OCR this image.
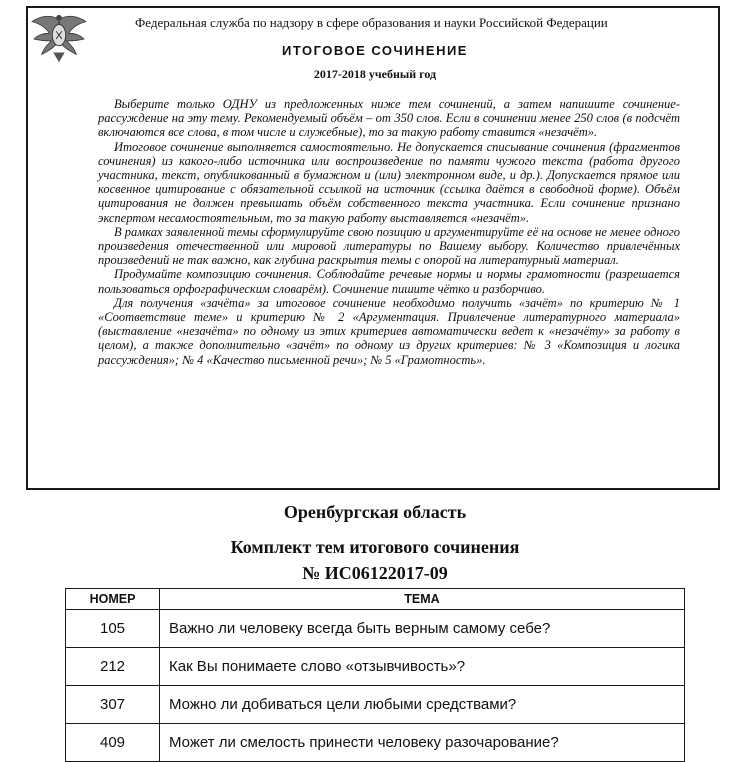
Федеральная служба по надзору в сфере образования и науки Российской Федерации
ИТОГОВОЕ СОЧИНЕНИЕ
2017-2018 учебный год

Выберите только ОДНУ из предложенных ниже тем сочинений, а затем напишите сочинение-рассуждение на эту тему. Рекомендуемый объём – от 350 слов. Если в сочинении менее 250 слов (в подсчёт включаются все слова, в том числе и служебные), то за такую работу ставится «незачёт».

Итоговое сочинение выполняется самостоятельно. Не допускается списывание сочинения (фрагментов сочинения) из какого-либо источника или воспроизведение по памяти чужого текста (работа другого участника, текст, опубликованный в бумажном и (или) электронном виде, и др.). Допускается прямое или косвенное цитирование с обязательной ссылкой на источник (ссылка даётся в свободной форме). Объём цитирования не должен превышать объём собственного текста участника. Если сочинение признано экспертом несамостоятельным, то за такую работу выставляется «незачёт».

В рамках заявленной темы сформулируйте свою позицию и аргументируйте её на основе не менее одного произведения отечественной или мировой литературы по Вашему выбору. Количество привлечённых произведений не так важно, как глубина раскрытия темы с опорой на литературный материал.

Продумайте композицию сочинения. Соблюдайте речевые нормы и нормы грамотности (разрешается пользоваться орфографическим словарём). Сочинение пишите чётко и разборчиво.

Для получения «зачёта» за итоговое сочинение необходимо получить «зачёт» по критерию № 1 «Соответствие теме» и критерию № 2 «Аргументация. Привлечение литературного материала» (выставление «незачёта» по одному из этих критериев автоматически ведет к «незачёту» за работу в целом), а также дополнительно «зачёт» по одному из других критериев: № 3 «Композиция и логика рассуждения»; № 4 «Качество письменной речи»; № 5 «Грамотность».

Оренбургская область
Комплект тем итогового сочинения
№ ИС06122017-09
НОМЕР	ТЕМА
105	Важно ли человеку всегда быть верным самому себе?
212	Как Вы понимаете слово «отзывчивость»?
307	Можно ли добиваться цели любыми средствами?
409	Может ли смелость принести человеку разочарование?
